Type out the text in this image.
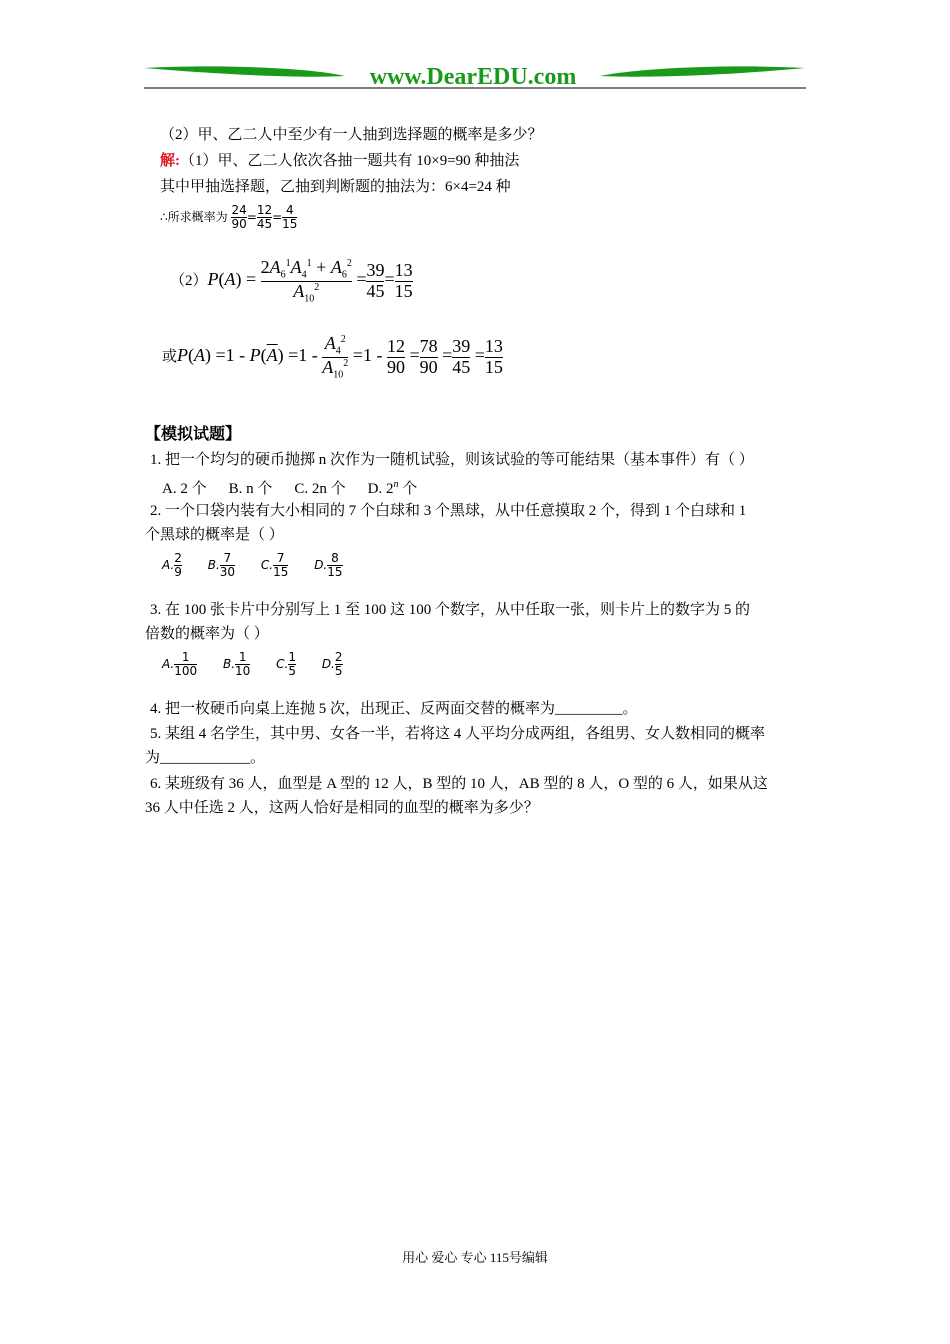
www.DearEDU.com
（2）甲、乙二人中至少有一人抽到选择题的概率是多少？
解:（1）甲、乙二人依次各抽一题共有 10×9=90 种抽法
其中甲抽选择题，乙抽到判断题的抽法为：6×4=24 种
∴所求概率为 $\frac{24}{90} = \frac{12}{45} = \frac{4}{15}$
$(2)P(A) = \frac{2A_6^1A_4^1 + A_6^2}{A_{10}^2} = \frac{39}{45} = \frac{13}{15}$
或$P(A) =1 - P(\overline{A}) =1 - \frac{A_4^2}{A_{10}^2} =1 - \frac{12}{90} = \frac{78}{90} = \frac{39}{45} = \frac{13}{15}$
【模拟试题】
1. 把一个均匀的硬币抛掷 n 次作为一随机试验，则该试验的等可能结果（基本事件）有（ ）
A. 2 个 B. n 个 C. 2n 个 D. 2$^n$ 个
2. 一个口袋内装有大小相同的 7 个白球和 3 个黑球，从中任意摸取 2 个，得到 1 个白球和 1
个黑球的概率是（ ）
A. $\frac{2}{9} B$. $\frac{7}{30} C$. $\frac{7}{15} D$. $\frac{8}{15}$
3. 在 100 张卡片中分别写上 1 至 100 这 100 个数字，从中任取一张，则卡片上的数字为 5 的
倍数的概率为（ ）
A. $\frac{1}{100} B$. $\frac{1}{10} C$. $\frac{1}{5} D$. $\frac{2}{5}$
4. 把一枚硬币向桌上连抛 5 次，出现正、反两面交替的概率为_________。
5. 某组 4 名学生，其中男、女各一半，若将这 4 人平均分成两组，各组男、女人数相同的概率
为____________。
6. 某班级有 36 人，血型是 A 型的 12 人，B 型的 10 人，AB 型的 8 人，O 型的 6 人，如果从这
36 人中任选 2 人，这两人恰好是相同的血型的概率为多少？
用心 爱心 专心 115号编辑
